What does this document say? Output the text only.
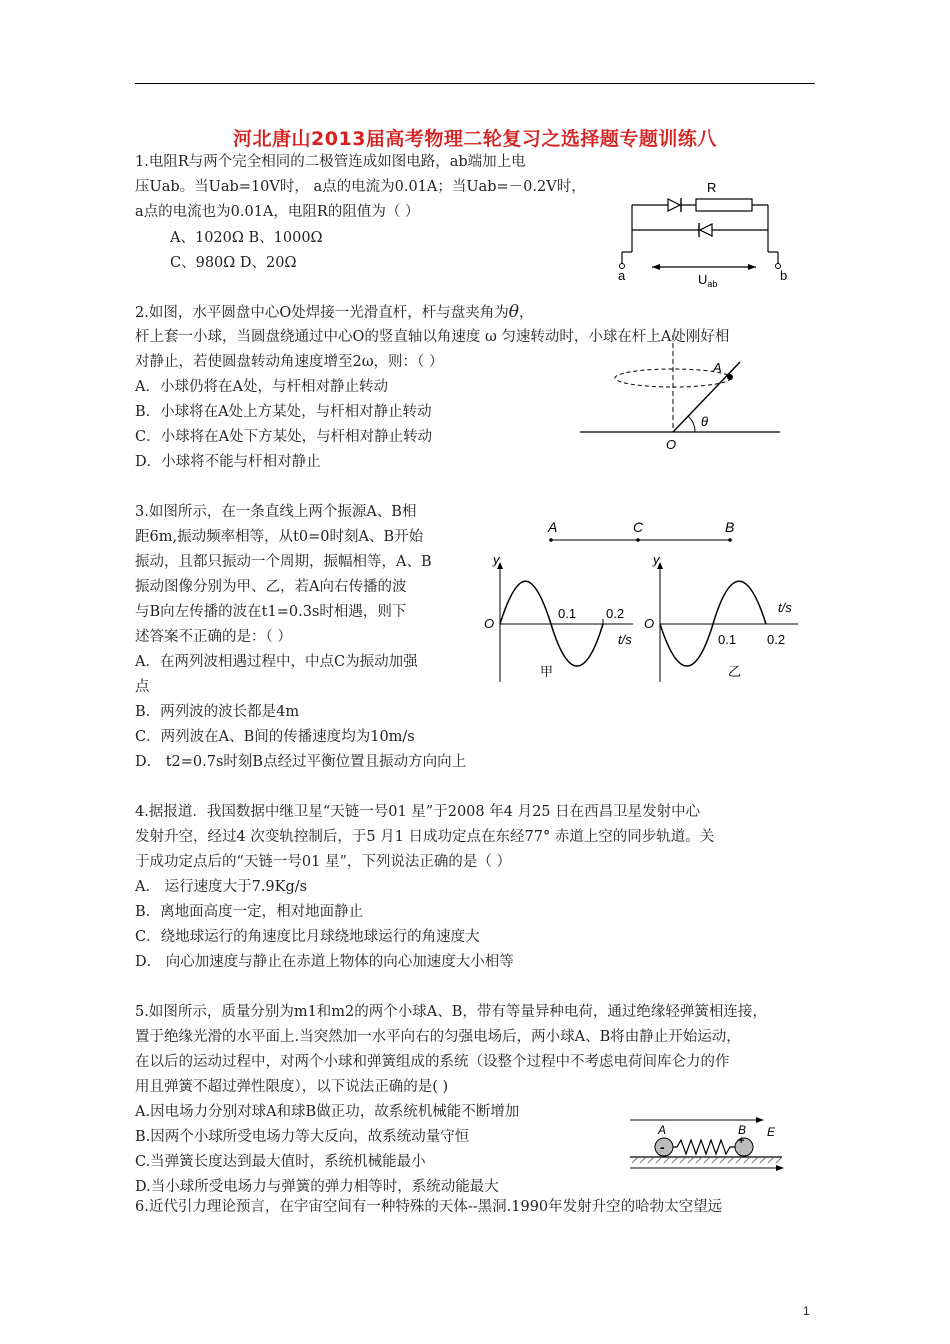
河北唐山2013届高考物理二轮复习之选择题专题训练八
1.电阻R与两个完全相同的二极管连成如图电路，ab端加上电
压Uab。当Uab=10V时， a点的电流为0.01A；当Uab=－0.2V时，
a点的电流也为0.01A，电阻R的阻值为（ ）
A、1020Ω B、1000Ω
C、980Ω D、20Ω
R
a	b
$U_{ab}$
2.如图，水平圆盘中心O处焊接一光滑直杆，杆与盘夹角为θ，
杆上套一小球，当圆盘绕通过中心O的竖直轴以角速度 ω 匀速转动时，小球在杆上A处刚好相
对静止，若使圆盘转动角速度增至2ω，则：（ ）
A．小球仍将在A处，与杆相对静止转动
B．小球将在A处上方某处，与杆相对静止转动
C．小球将在A处下方某处，与杆相对静止转动
D．小球将不能与杆相对静止
A
O
θ
3.如图所示，在一条直线上两个振源A、B相
距6m,振动频率相等，从t0=0时刻A、B开始
振动，且都只振动一个周期，振幅相等，A、B
振动图像分别为甲、乙，若A向右传播的波
与B向左传播的波在t1=0.3s时相遇，则下
述答案不正确的是：（ ）
A．在两列波相遇过程中，中点C为振动加强
点
B．两列波的波长都是4m
C．两列波在A、B间的传播速度均为10m/s
D． t2=0.7s时刻B点经过平衡位置且振动方向向上
A	C	B
y
O
0.1 0.2
t/s
甲
y
O
0.1 0.2
t/s
乙
4.据报道．我国数据中继卫星“天链一号01 星”于2008 年4 月25 日在西昌卫星发射中心
发射升空，经过4 次变轨控制后，于5 月1 日成功定点在东经77° 赤道上空的同步轨道。关
于成功定点后的“天链一号01 星”，下列说法正确的是（ ）
A． 运行速度大于7.9Kg/s
B．离地面高度一定，相对地面静止
C．绕地球运行的角速度比月球绕地球运行的角速度大
D． 向心加速度与静止在赤道上物体的向心加速度大小相等
5.如图所示，质量分别为m1和m2的两个小球A、B，带有等量异种电荷，通过绝缘轻弹簧相连接，
置于绝缘光滑的水平面上.当突然加一水平向右的匀强电场后，两小球A、B将由静止开始运动，
在以后的运动过程中，对两个小球和弹簧组成的系统（设整个过程中不考虑电荷间库仑力的作
用且弹簧不超过弹性限度），以下说法正确的是( )
A.因电场力分别对球A和球B做正功，故系统机械能不断增加
B.因两个小球所受电场力等大反向，故系统动量守恒
C.当弹簧长度达到最大值时，系统机械能最小
D.当小球所受电场力与弹簧的弹力相等时，系统动能最大
-	+
A	B E
6.近代引力理论预言，在宇宙空间有一种特殊的天体--黑洞.1990年发射升空的哈勃太空望远
1
